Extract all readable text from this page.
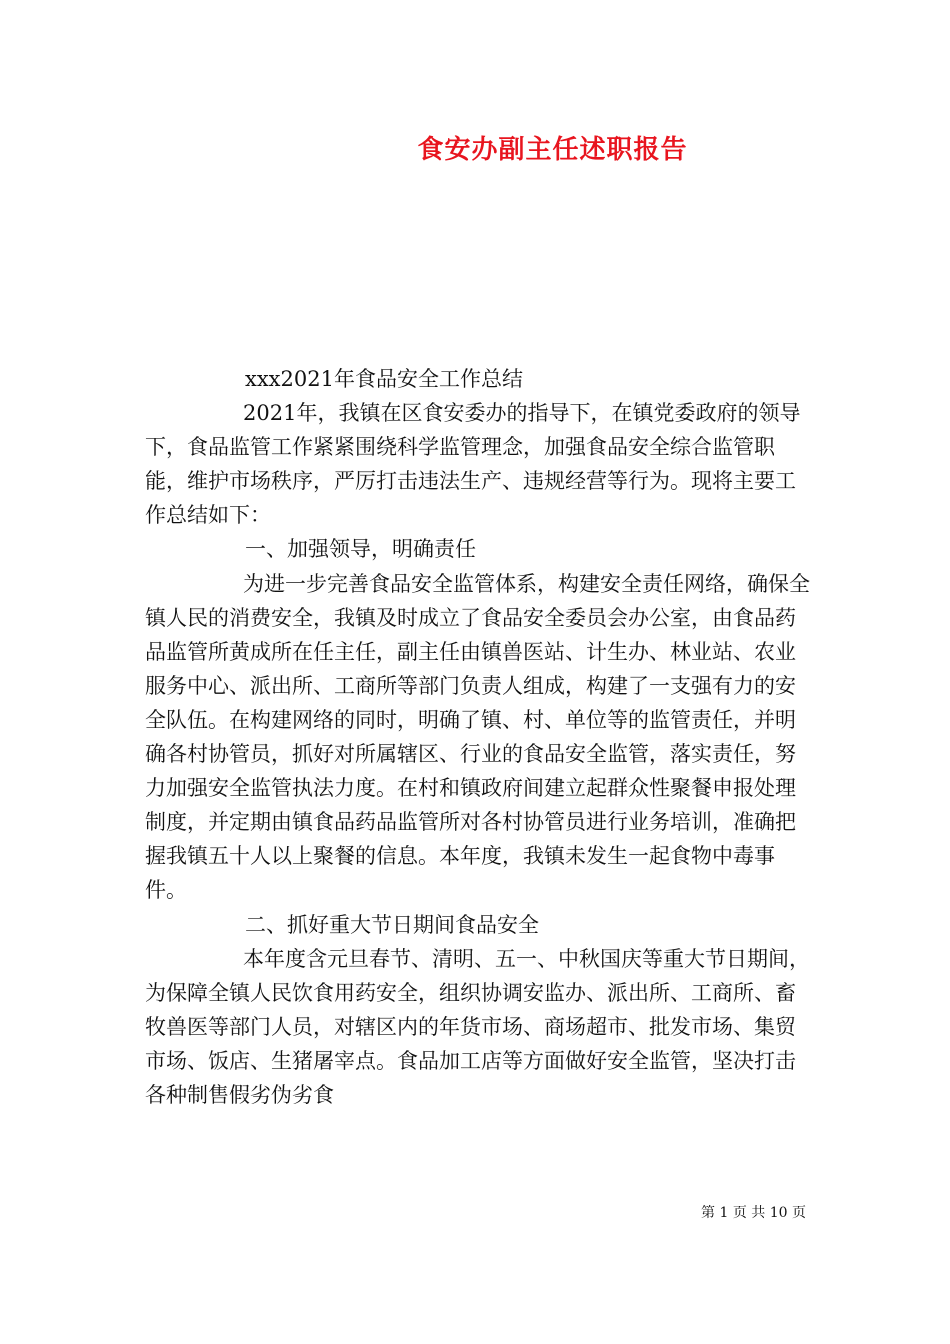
食安办副主任述职报告

xxx2021年食品安全工作总结

2021年，我镇在区食安委办的指导下，在镇党委政府的领导下，食品监管工作紧紧围绕科学监管理念，加强食品安全综合监管职能，维护市场秩序，严厉打击违法生产、违规经营等行为。现将主要工作总结如下：

一、加强领导，明确责任

为进一步完善食品安全监管体系，构建安全责任网络，确保全镇人民的消费安全，我镇及时成立了食品安全委员会办公室，由食品药品监管所黄成所在任主任，副主任由镇兽医站、计生办、林业站、农业服务中心、派出所、工商所等部门负责人组成，构建了一支强有力的安全队伍。在构建网络的同时，明确了镇、村、单位等的监管责任，并明确各村协管员，抓好对所属辖区、行业的食品安全监管，落实责任，努力加强安全监管执法力度。在村和镇政府间建立起群众性聚餐申报处理制度，并定期由镇食品药品监管所对各村协管员进行业务培训，准确把握我镇五十人以上聚餐的信息。本年度，我镇未发生一起食物中毒事件。

二、抓好重大节日期间食品安全

本年度含元旦春节、清明、五一、中秋国庆等重大节日期间，为保障全镇人民饮食用药安全，组织协调安监办、派出所、工商所、畜牧兽医等部门人员，对辖区内的年货市场、商场超市、批发市场、集贸市场、饭店、生猪屠宰点。食品加工店等方面做好安全监管，坚决打击各种制售假劣伪劣食

第 1 页 共 10 页
